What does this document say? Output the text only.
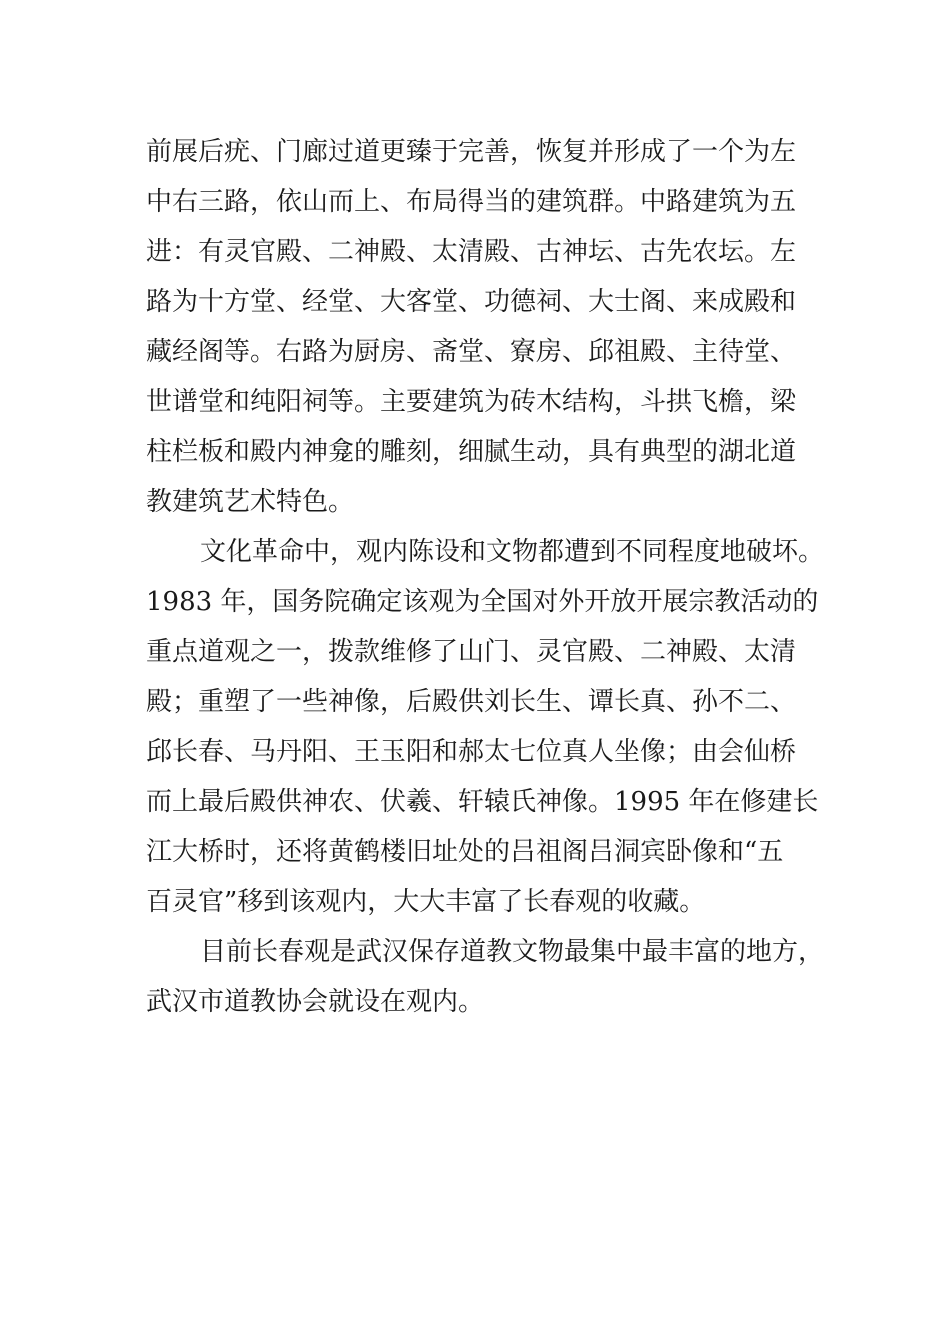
前展后疣、门廊过道更臻于完善，恢复并形成了一个为左
中右三路，依山而上、布局得当的建筑群。中路建筑为五
进：有灵官殿、二神殿、太清殿、古神坛、古先农坛。左
路为十方堂、经堂、大客堂、功德祠、大士阁、来成殿和
藏经阁等。右路为厨房、斋堂、寮房、邱祖殿、主待堂、
世谱堂和纯阳祠等。主要建筑为砖木结构，斗拱飞檐，梁
柱栏板和殿内神龛的雕刻，细腻生动，具有典型的湖北道
教建筑艺术特色。
文化革命中，观内陈设和文物都遭到不同程度地破坏。
1983 年，国务院确定该观为全国对外开放开展宗教活动的
重点道观之一，拨款维修了山门、灵官殿、二神殿、太清
殿；重塑了一些神像，后殿供刘长生、谭长真、孙不二、
邱长春、马丹阳、王玉阳和郝太七位真人坐像；由会仙桥
而上最后殿供神农、伏羲、轩辕氏神像。1995 年在修建长
江大桥时，还将黄鹤楼旧址处的吕祖阁吕洞宾卧像和“五
百灵官”移到该观内，大大丰富了长春观的收藏。
目前长春观是武汉保存道教文物最集中最丰富的地方，
武汉市道教协会就设在观内。
